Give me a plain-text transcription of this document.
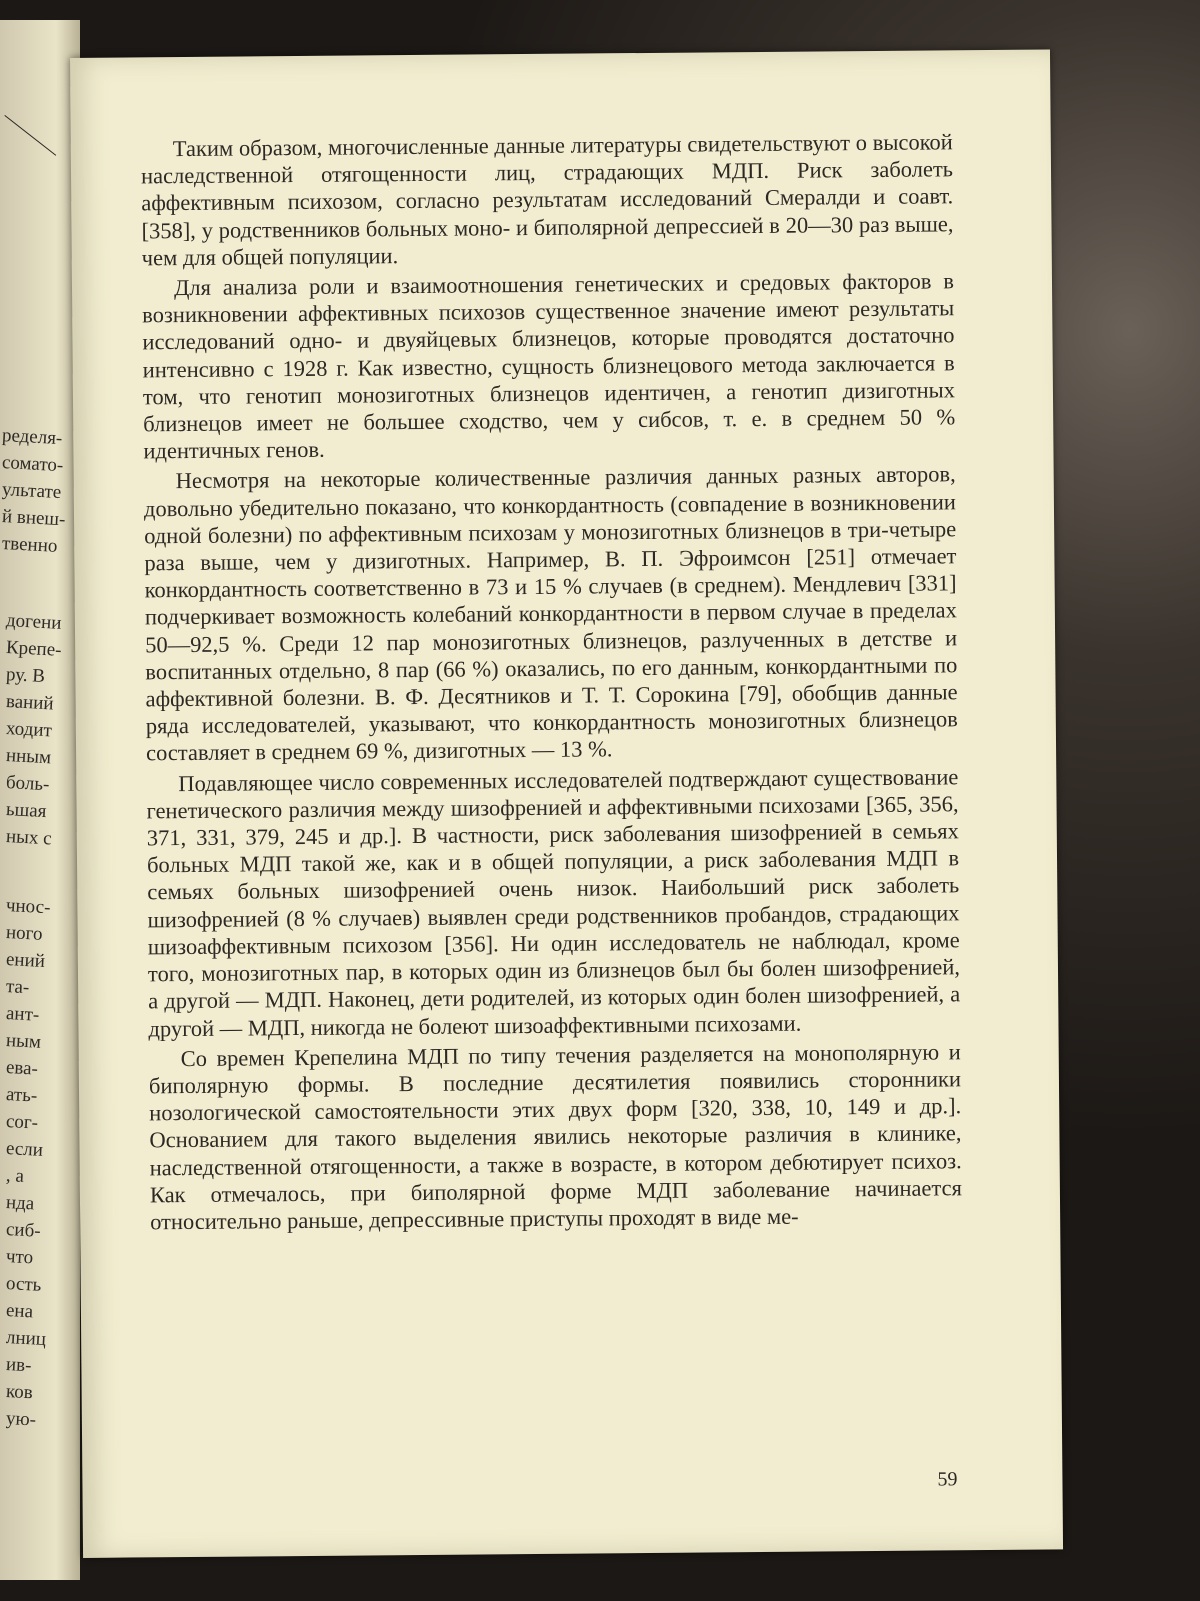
ределя-
сомато-
ультате
й внеш-
твенно
догени
Крепе-
ру. В
ваний
ходит
нным
боль-
ьшая
ных с
чнос-
ного
ений
та-
ант-
ным
ева-
ать-
сог-
если
, а
нда
сиб-
что
ость
ена
лниц
ив-
ков
ую-

Таким образом, многочисленные данные литературы свидетельствуют о высокой наследственной отягощенности лиц, страдающих МДП. Риск заболеть аффективным психозом, согласно результатам исследований Смералди и соавт. [358], у родственников больных моно- и биполярной депрессией в 20—30 раз выше, чем для общей популяции.

Для анализа роли и взаимоотношения генетических и средовых факторов в возникновении аффективных психозов существенное значение имеют результаты исследований одно- и двуяйцевых близнецов, которые проводятся достаточно интенсивно с 1928 г. Как известно, сущность близнецового метода заключается в том, что генотип монозиготных близнецов идентичен, а генотип дизиготных близнецов имеет не большее сходство, чем у сибсов, т. е. в среднем 50 % идентичных генов.

Несмотря на некоторые количественные различия данных разных авторов, довольно убедительно показано, что конкордантность (совпадение в возникновении одной болезни) по аффективным психозам у монозиготных близнецов в три-четыре раза выше, чем у дизиготных. Например, В. П. Эфроимсон [251] отмечает конкордантность соответственно в 73 и 15 % случаев (в среднем). Мендлевич [331] подчеркивает возможность колебаний конкордантности в первом случае в пределах 50—92,5 %. Среди 12 пар монозиготных близнецов, разлученных в детстве и воспитанных отдельно, 8 пар (66 %) оказались, по его данным, конкордантными по аффективной болезни. В. Ф. Десятников и Т. Т. Сорокина [79], обобщив данные ряда исследователей, указывают, что конкордантность монозиготных близнецов составляет в среднем 69 %, дизиготных — 13 %.

Подавляющее число современных исследователей подтверждают существование генетического различия между шизофренией и аффективными психозами [365, 356, 371, 331, 379, 245 и др.]. В частности, риск заболевания шизофренией в семьях больных МДП такой же, как и в общей популяции, а риск заболевания МДП в семьях больных шизофренией очень низок. Наибольший риск заболеть шизофренией (8 % случаев) выявлен среди родственников пробандов, страдающих шизоаффективным психозом [356]. Ни один исследователь не наблюдал, кроме того, монозиготных пар, в которых один из близнецов был бы болен шизофренией, а другой — МДП. Наконец, дети родителей, из которых один болен шизофренией, а другой — МДП, никогда не болеют шизоаффективными психозами.

Со времен Крепелина МДП по типу течения разделяется на монополярную и биполярную формы. В последние десятилетия появились сторонники нозологической самостоятельности этих двух форм [320, 338, 10, 149 и др.]. Основанием для такого выделения явились некоторые различия в клинике, наследственной отягощенности, а также в возрасте, в котором дебютирует психоз. Как отмечалось, при биполярной форме МДП заболевание начинается относительно раньше, депрессивные приступы проходят в виде ме-

59
